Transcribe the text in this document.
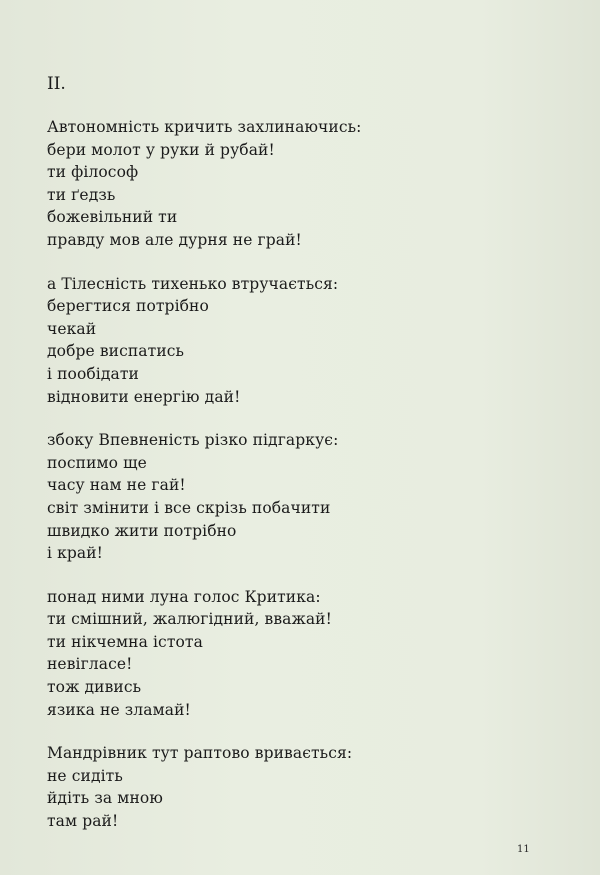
II.
Автономність кричить захлинаючись:
бери молот у руки й рубай!
ти філософ
ти ґедзь
божевільний ти
правду мов але дурня не грай!
а Тілесність тихенько втручається:
берегтися потрібно
чекай
добре виспатись
і пообідати
відновити енергію дай!
збоку Впевненість різко підгаркує:
поспимо ще
часу нам не гай!
світ змінити і все скрізь побачити
швидко жити потрібно
і край!
понад ними луна голос Критика:
ти смішний, жалюгідний, вважай!
ти нікчемна істота
невігласе!
тож дивись
язика не зламай!
Мандрівник тут раптово вривається:
не сидіть
йдіть за мною
там рай!
11
